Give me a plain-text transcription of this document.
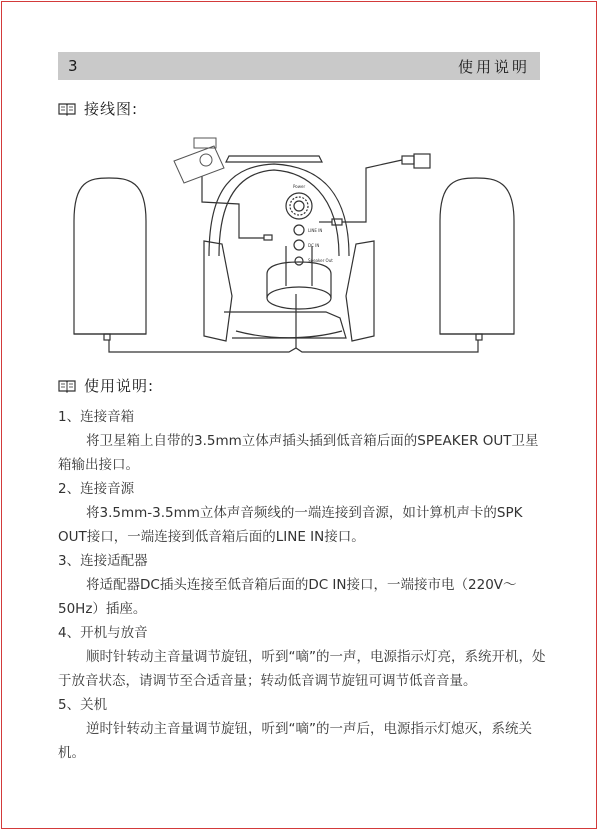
3	使用说明
接线图:
Power
LINE IN
DC IN
Speaker Out
使用说明:

1、连接音箱

将卫星箱上自带的3.5mm立体声插头插到低音箱后面的SPEAKER OUT卫星箱输出接口。

2、连接音源

将3.5mm-3.5mm立体声音频线的一端连接到音源，如计算机声卡的SPK OUT接口，一端连接到低音箱后面的LINE IN接口。

3、连接适配器

将适配器DC插头连接至低音箱后面的DC IN接口，一端接市电（220V～50Hz）插座。

4、开机与放音

顺时针转动主音量调节旋钮，听到“嘀”的一声，电源指示灯亮，系统开机，处于放音状态，请调节至合适音量；转动低音调节旋钮可调节低音音量。

5、关机

逆时针转动主音量调节旋钮，听到“嘀”的一声后，电源指示灯熄灭，系统关机。
